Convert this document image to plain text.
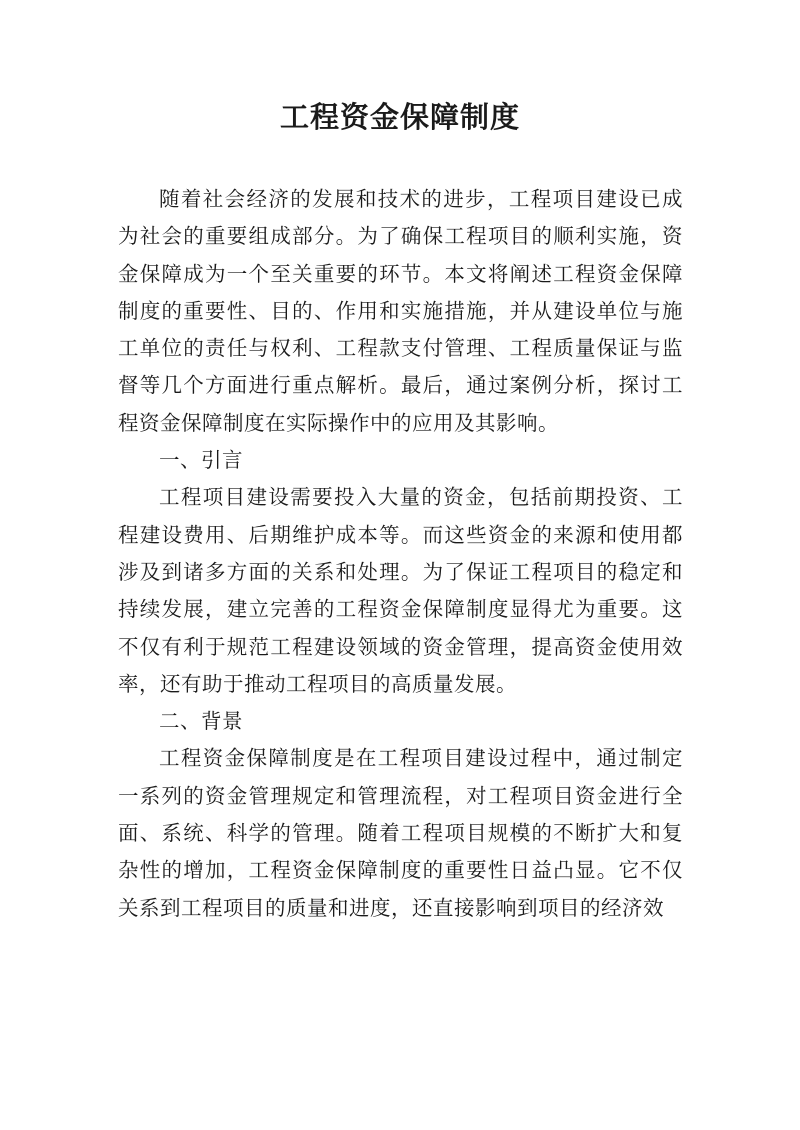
工程资金保障制度

随着社会经济的发展和技术的进步，工程项目建设已成为社会的重要组成部分。为了确保工程项目的顺利实施，资金保障成为一个至关重要的环节。本文将阐述工程资金保障制度的重要性、目的、作用和实施措施，并从建设单位与施工单位的责任与权利、工程款支付管理、工程质量保证与监督等几个方面进行重点解析。最后，通过案例分析，探讨工程资金保障制度在实际操作中的应用及其影响。

一、引言

工程项目建设需要投入大量的资金，包括前期投资、工程建设费用、后期维护成本等。而这些资金的来源和使用都涉及到诸多方面的关系和处理。为了保证工程项目的稳定和持续发展，建立完善的工程资金保障制度显得尤为重要。这不仅有利于规范工程建设领域的资金管理，提高资金使用效率，还有助于推动工程项目的高质量发展。

二、背景

工程资金保障制度是在工程项目建设过程中，通过制定一系列的资金管理规定和管理流程，对工程项目资金进行全面、系统、科学的管理。随着工程项目规模的不断扩大和复杂性的增加，工程资金保障制度的重要性日益凸显。它不仅关系到工程项目的质量和进度，还直接影响到项目的经济效
